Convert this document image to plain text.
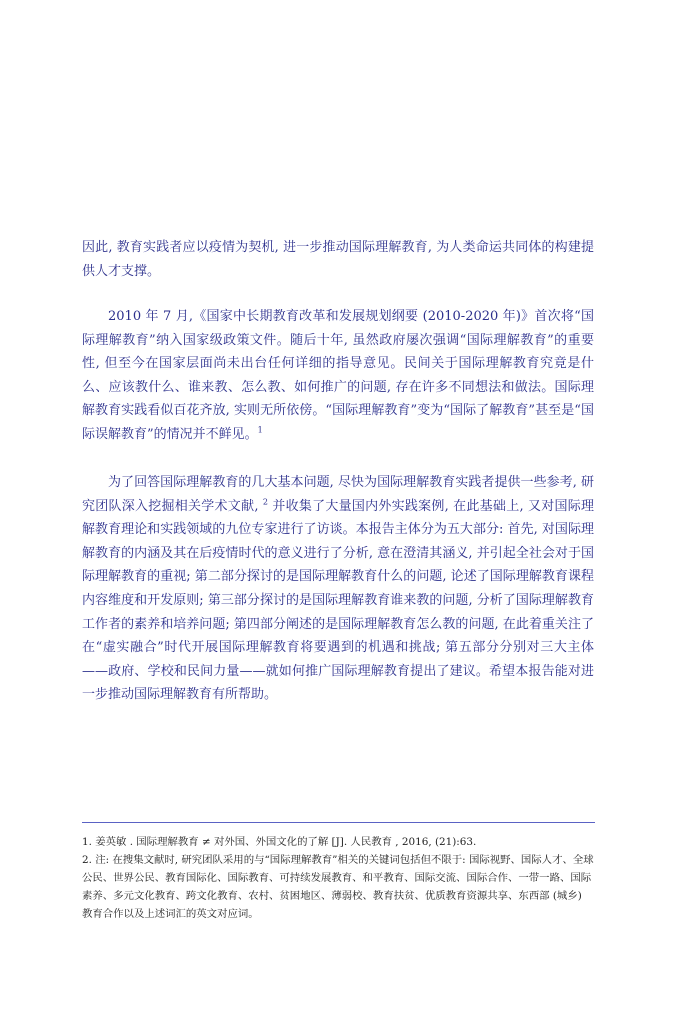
因此, 教育实践者应以疫情为契机, 进一步推动国际理解教育, 为人类命运共同体的构建提供人才支撑。

2010 年 7 月,《国家中长期教育改革和发展规划纲要 (2010-2020 年)》首次将“国际理解教育”纳入国家级政策文件。随后十年, 虽然政府屡次强调“国际理解教育”的重要性, 但至今在国家层面尚未出台任何详细的指导意见。民间关于国际理解教育究竟是什么、应该教什么、谁来教、怎么教、如何推广的问题, 存在许多不同想法和做法。国际理解教育实践看似百花齐放, 实则无所依傍。“国际理解教育”变为“国际了解教育”甚至是“国际误解教育”的情况并不鲜见。$^1$

为了回答国际理解教育的几大基本问题, 尽快为国际理解教育实践者提供一些参考, 研究团队深入挖掘相关学术文献, $^2$ 并收集了大量国内外实践案例, 在此基础上, 又对国际理解教育理论和实践领域的九位专家进行了访谈。本报告主体分为五大部分: 首先, 对国际理解教育的内涵及其在后疫情时代的意义进行了分析, 意在澄清其涵义, 并引起全社会对于国际理解教育的重视; 第二部分探讨的是国际理解教育什么的问题, 论述了国际理解教育课程内容维度和开发原则; 第三部分探讨的是国际理解教育谁来教的问题, 分析了国际理解教育工作者的素养和培养问题; 第四部分阐述的是国际理解教育怎么教的问题, 在此着重关注了在“虚实融合”时代开展国际理解教育将要遇到的机遇和挑战; 第五部分分别对三大主体——政府、学校和民间力量——就如何推广国际理解教育提出了建议。希望本报告能对进一步推动国际理解教育有所帮助。

1. 姜英敏 . 国际理解教育 ≠ 对外国、外国文化的了解 [J]. 人民教育 , 2016, (21):63.

2. 注: 在搜集文献时, 研究团队采用的与“国际理解教育”相关的关键词包括但不限于: 国际视野、国际人才、全球公民、世界公民、教育国际化、国际教育、可持续发展教育、和平教育、国际交流、国际合作、一带一路、国际素养、多元文化教育、跨文化教育、农村、贫困地区、薄弱校、教育扶贫、优质教育资源共享、东西部 (城乡) 教育合作以及上述词汇的英文对应词。
